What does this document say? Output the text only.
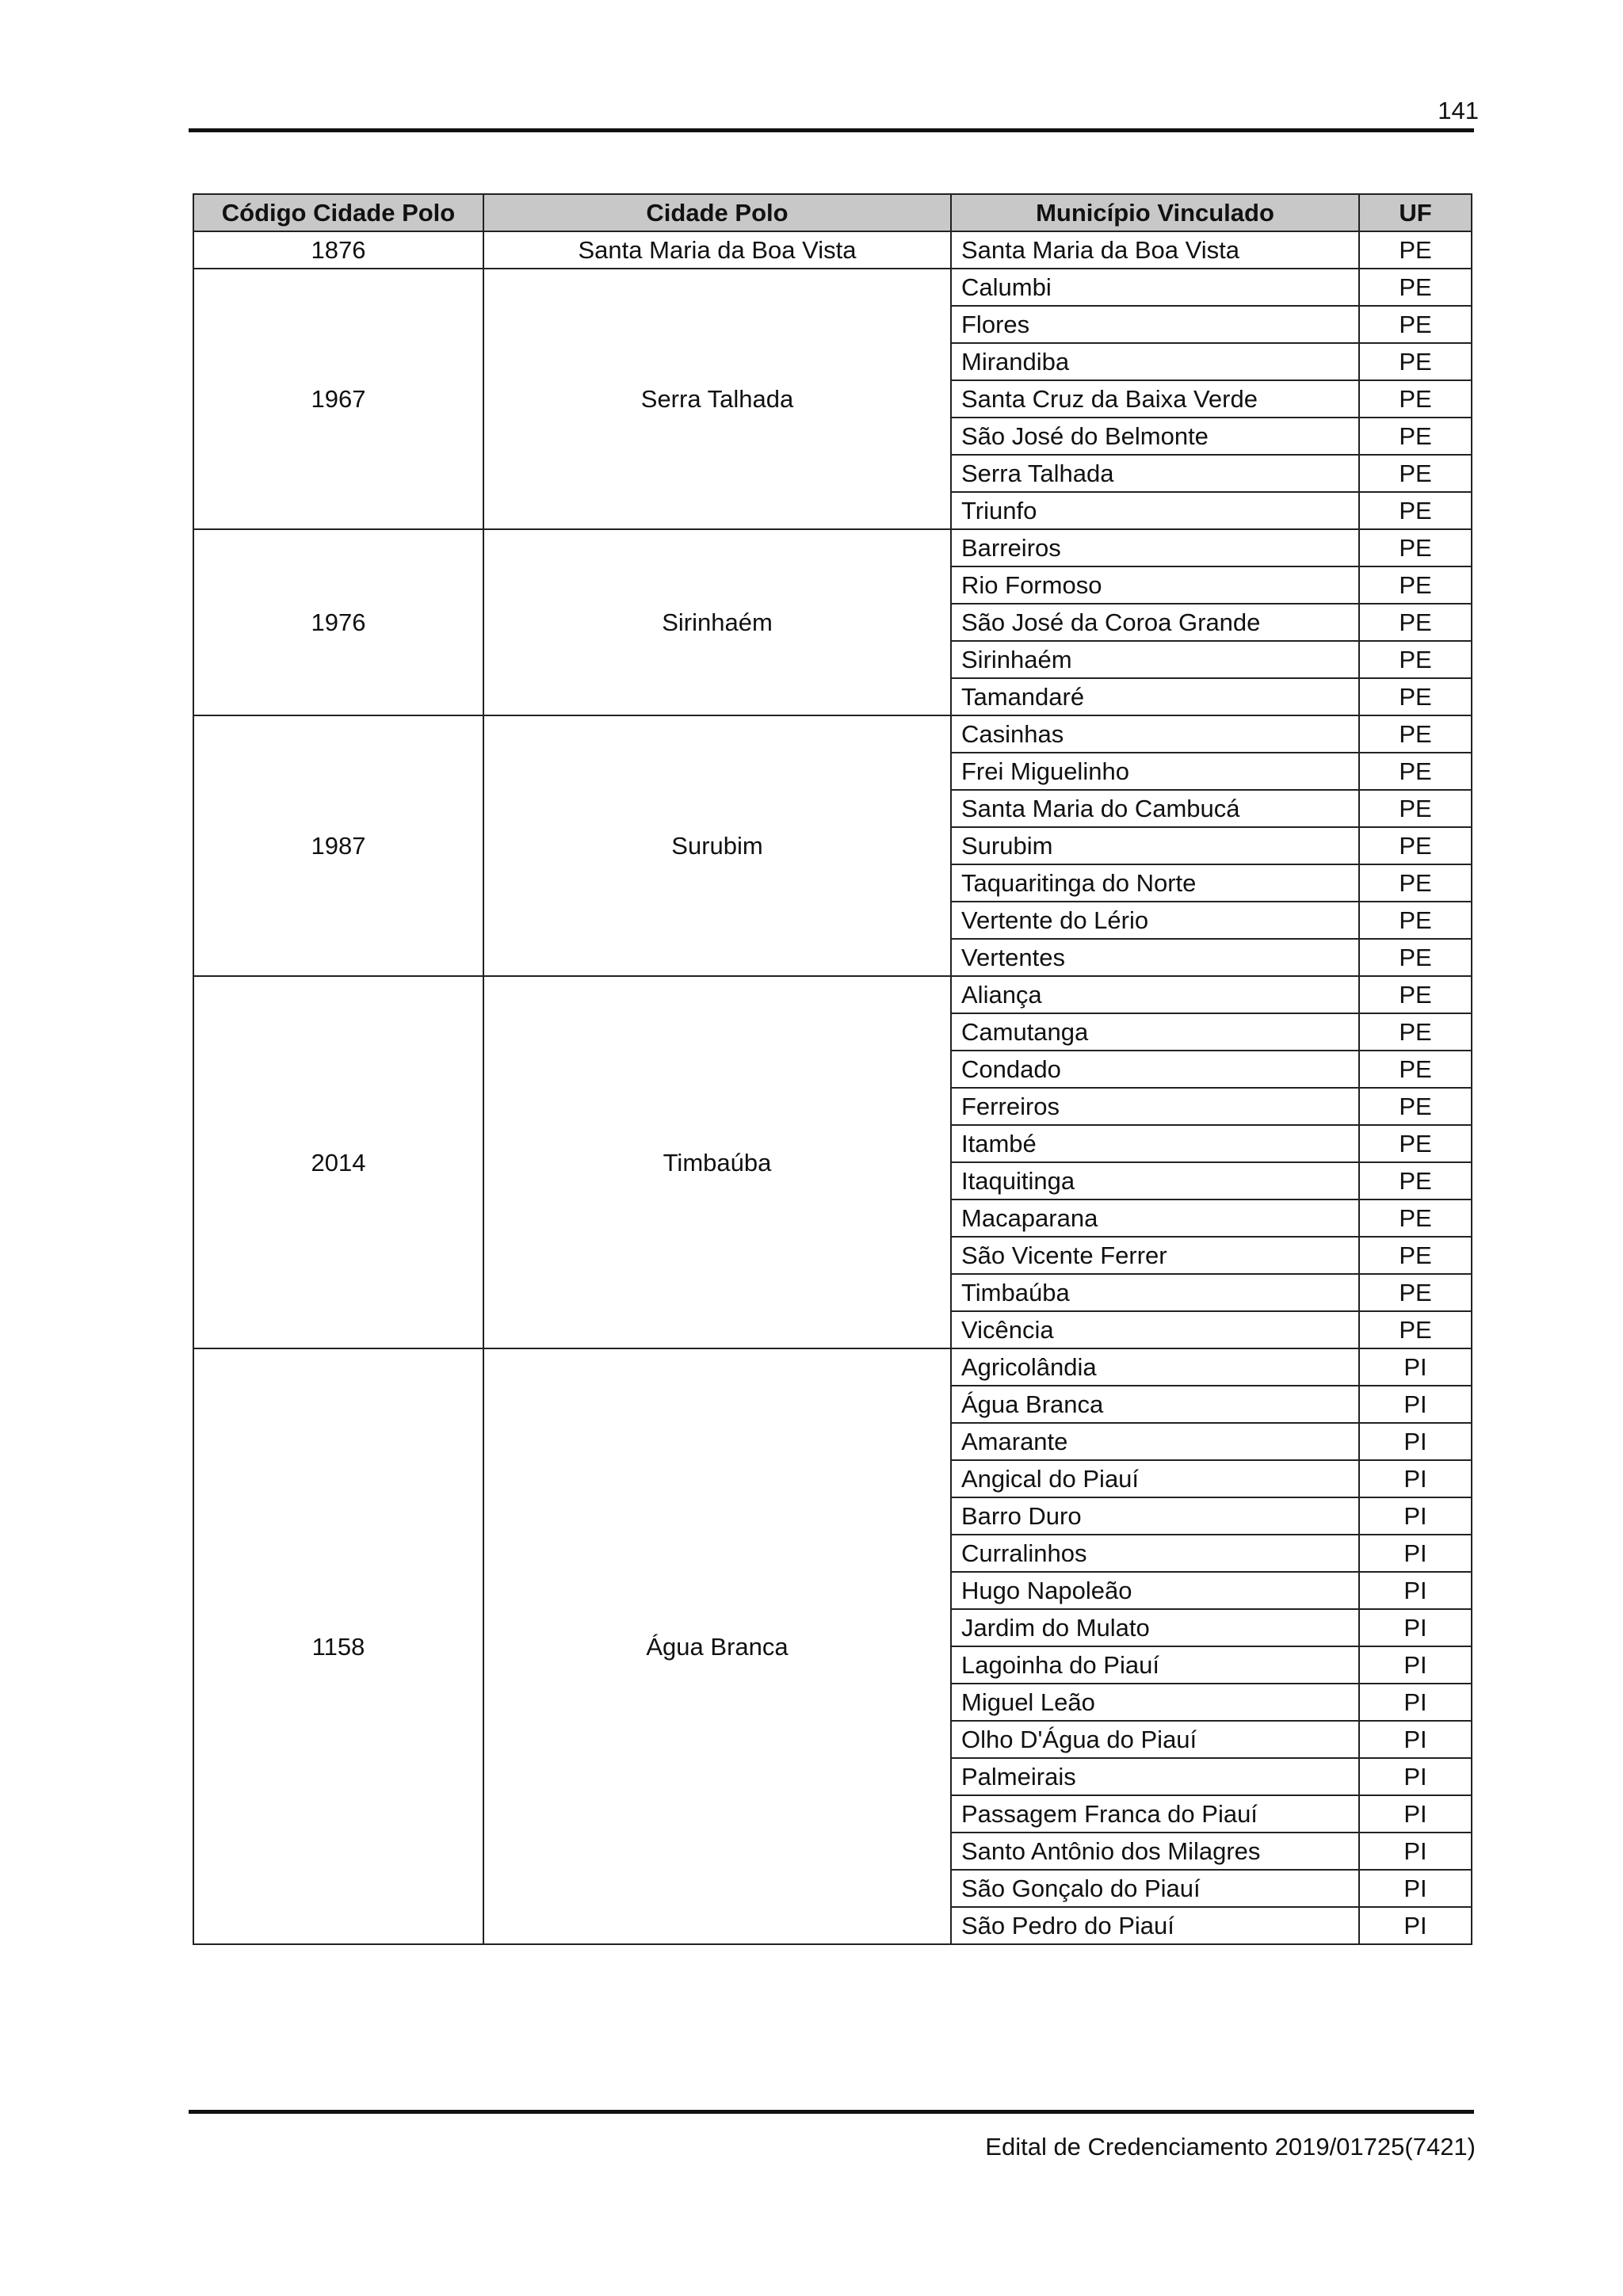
141
Código Cidade Polo	Cidade Polo	Município Vinculado	UF
1876	Santa Maria da Boa Vista	Santa Maria da Boa Vista	PE
1967	Serra Talhada	Calumbi	PE
		Flores	PE
		Mirandiba	PE
		Santa Cruz da Baixa Verde	PE
		São José do Belmonte	PE
		Serra Talhada	PE
		Triunfo	PE
1976	Sirinhaém	Barreiros	PE
		Rio Formoso	PE
		São José da Coroa Grande	PE
		Sirinhaém	PE
		Tamandaré	PE
1987	Surubim	Casinhas	PE
		Frei Miguelinho	PE
		Santa Maria do Cambucá	PE
		Surubim	PE
		Taquaritinga do Norte	PE
		Vertente do Lério	PE
		Vertentes	PE
2014	Timbaúba	Aliança	PE
		Camutanga	PE
		Condado	PE
		Ferreiros	PE
		Itambé	PE
		Itaquitinga	PE
		Macaparana	PE
		São Vicente Ferrer	PE
		Timbaúba	PE
		Vicência	PE
1158	Água Branca	Agricolândia	PI
		Água Branca	PI
		Amarante	PI
		Angical do Piauí	PI
		Barro Duro	PI
		Curralinhos	PI
		Hugo Napoleão	PI
		Jardim do Mulato	PI
		Lagoinha do Piauí	PI
		Miguel Leão	PI
		Olho D'Água do Piauí	PI
		Palmeirais	PI
		Passagem Franca do Piauí	PI
		Santo Antônio dos Milagres	PI
		São Gonçalo do Piauí	PI
		São Pedro do Piauí	PI
Edital de Credenciamento 2019/01725(7421)
